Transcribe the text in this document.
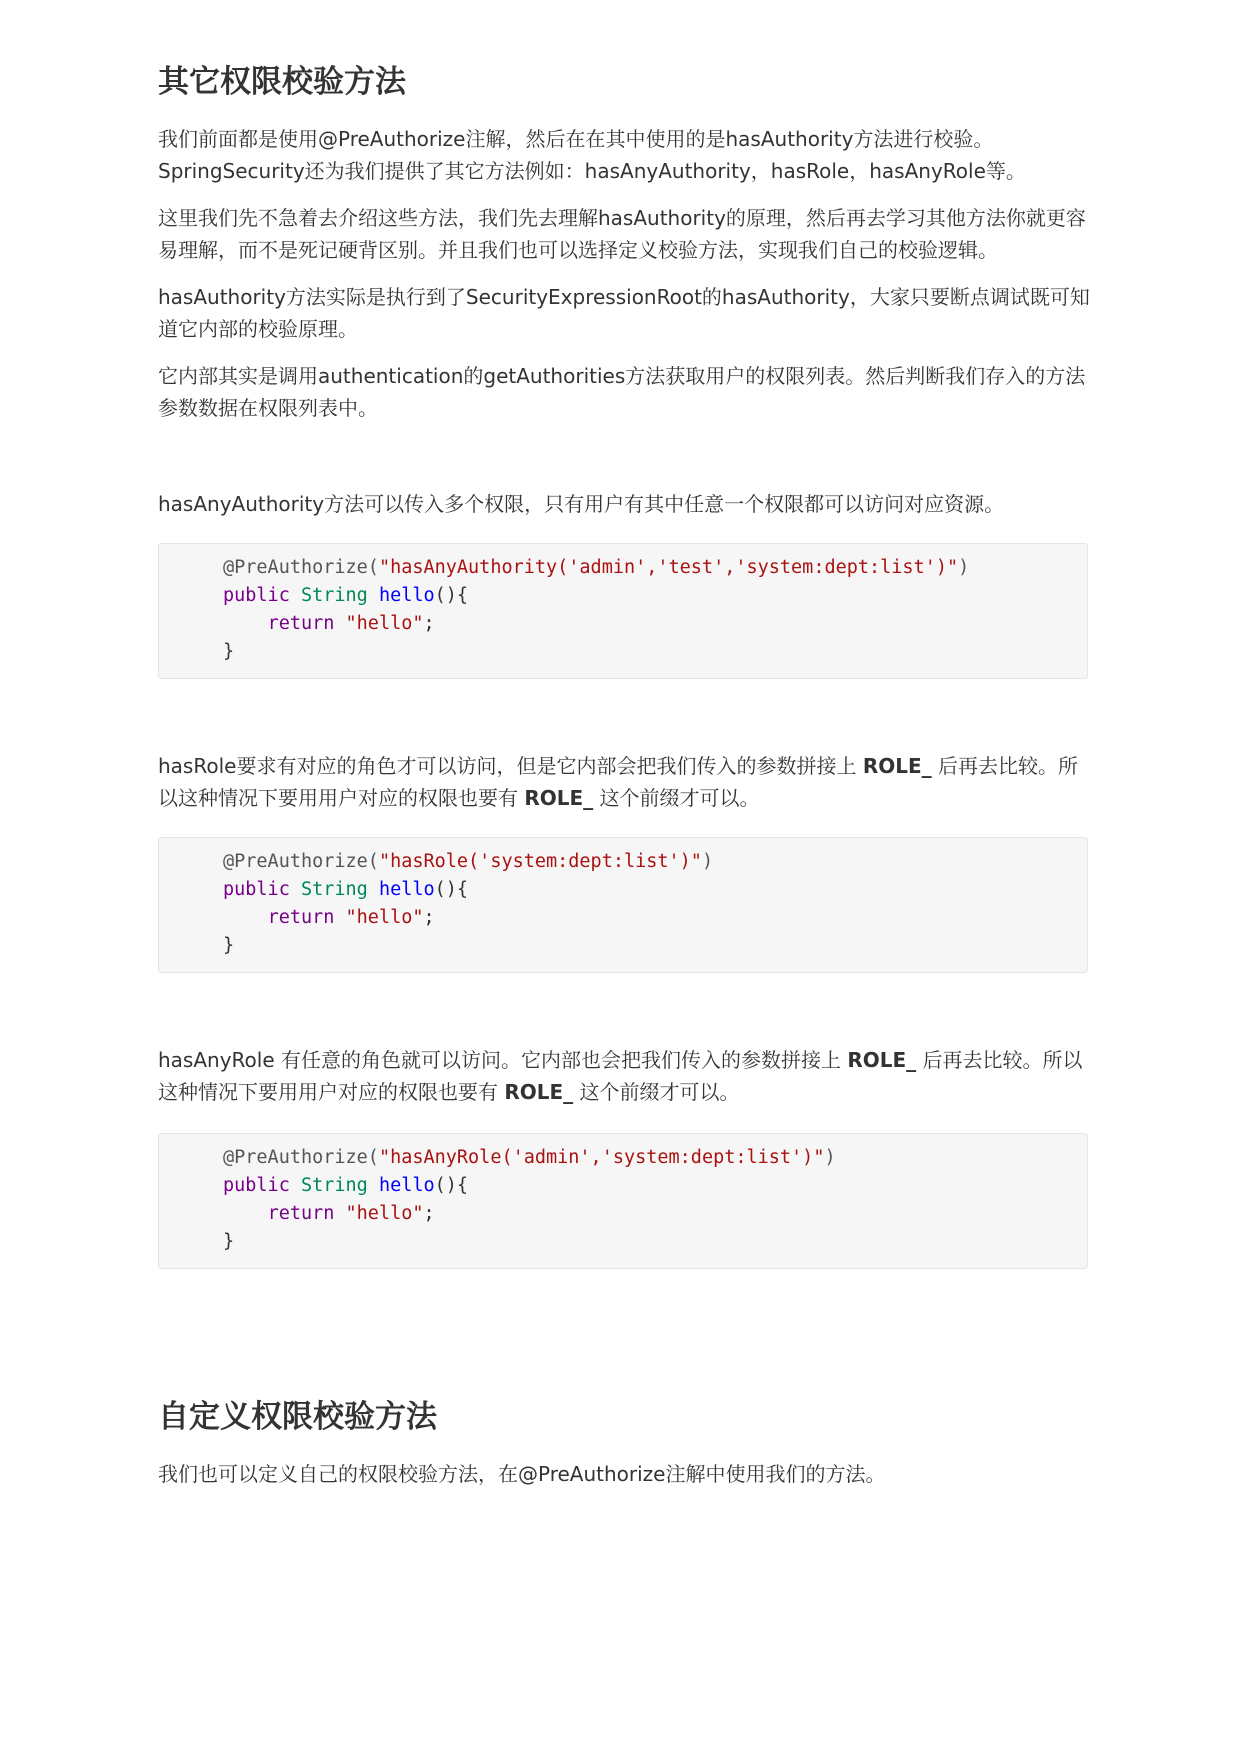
其它权限校验方法

我们前面都是使用@PreAuthorize注解，然后在在其中使用的是hasAuthority方法进行校验。SpringSecurity还为我们提供了其它方法例如：hasAnyAuthority，hasRole，hasAnyRole等。

这里我们先不急着去介绍这些方法，我们先去理解hasAuthority的原理，然后再去学习其他方法你就更容易理解，而不是死记硬背区别。并且我们也可以选择定义校验方法，实现我们自己的校验逻辑。

hasAuthority方法实际是执行到了SecurityExpressionRoot的hasAuthority，大家只要断点调试既可知道它内部的校验原理。

它内部其实是调用authentication的getAuthorities方法获取用户的权限列表。然后判断我们存入的方法参数数据在权限列表中。

hasAnyAuthority方法可以传入多个权限，只有用户有其中任意一个权限都可以访问对应资源。

@PreAuthorize("hasAnyAuthority('admin','test','system:dept:list')")
public String hello(){
return "hello";
}

hasRole要求有对应的角色才可以访问，但是它内部会把我们传入的参数拼接上 ROLE_ 后再去比较。所以这种情况下要用用户对应的权限也要有 ROLE_ 这个前缀才可以。

@PreAuthorize("hasRole('system:dept:list')")
public String hello(){
return "hello";
}

hasAnyRole 有任意的角色就可以访问。它内部也会把我们传入的参数拼接上 ROLE_ 后再去比较。所以这种情况下要用用户对应的权限也要有 ROLE_ 这个前缀才可以。

@PreAuthorize("hasAnyRole('admin','system:dept:list')")
public String hello(){
return "hello";
}
自定义权限校验方法

我们也可以定义自己的权限校验方法，在@PreAuthorize注解中使用我们的方法。
